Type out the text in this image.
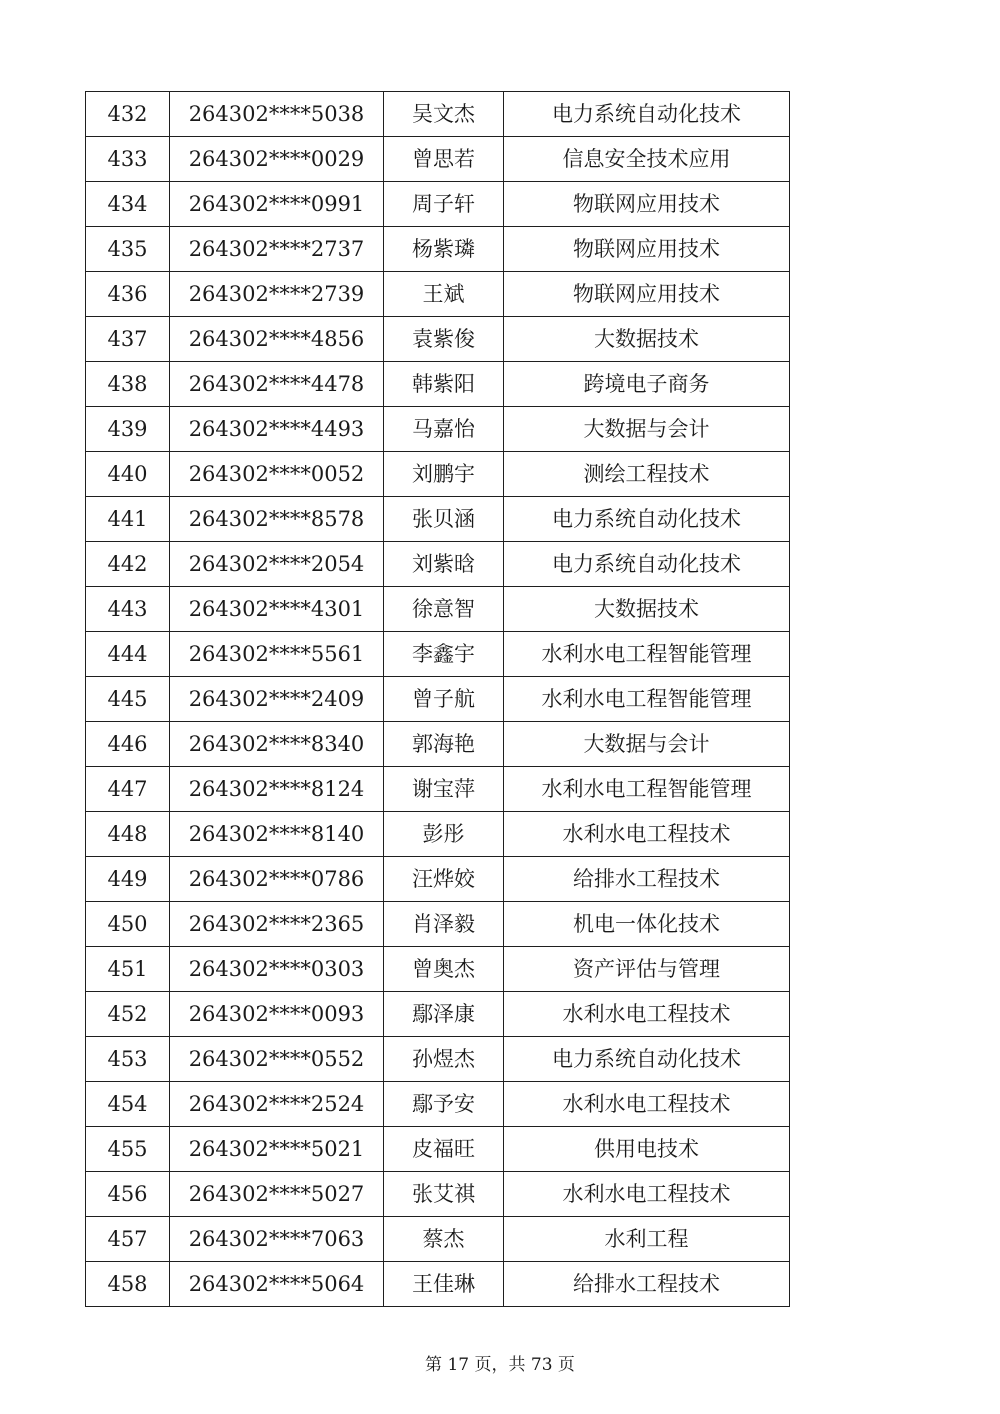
432	264302****5038	吴文杰	电力系统自动化技术
433	264302****0029	曾思若	信息安全技术应用
434	264302****0991	周子轩	物联网应用技术
435	264302****2737	杨紫璘	物联网应用技术
436	264302****2739	王斌	物联网应用技术
437	264302****4856	袁紫俊	大数据技术
438	264302****4478	韩紫阳	跨境电子商务
439	264302****4493	马嘉怡	大数据与会计
440	264302****0052	刘鹏宇	测绘工程技术
441	264302****8578	张贝涵	电力系统自动化技术
442	264302****2054	刘紫晗	电力系统自动化技术
443	264302****4301	徐意智	大数据技术
444	264302****5561	李鑫宇	水利水电工程智能管理
445	264302****2409	曾子航	水利水电工程智能管理
446	264302****8340	郭海艳	大数据与会计
447	264302****8124	谢宝萍	水利水电工程智能管理
448	264302****8140	彭彤	水利水电工程技术
449	264302****0786	汪烨姣	给排水工程技术
450	264302****2365	肖泽毅	机电一体化技术
451	264302****0303	曾奥杰	资产评估与管理
452	264302****0093	鄢泽康	水利水电工程技术
453	264302****0552	孙煜杰	电力系统自动化技术
454	264302****2524	鄢予安	水利水电工程技术
455	264302****5021	皮福旺	供用电技术
456	264302****5027	张艾祺	水利水电工程技术
457	264302****7063	蔡杰	水利工程
458	264302****5064	王佳琳	给排水工程技术
第 17 页，共 73 页
